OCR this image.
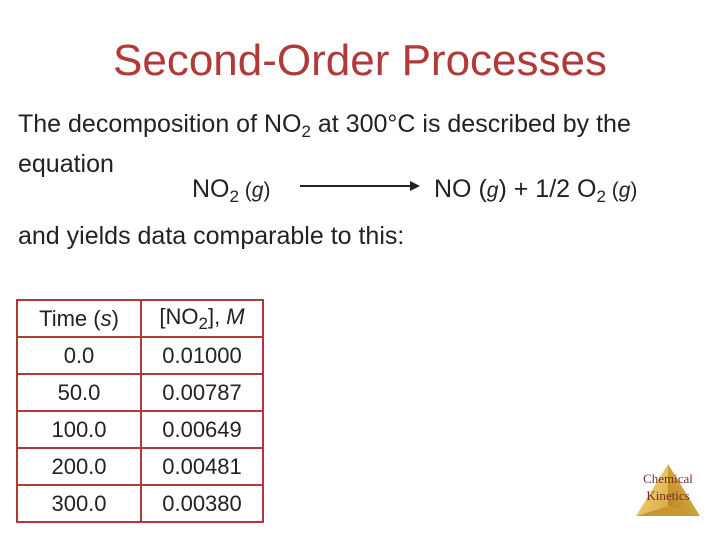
Second-Order Processes
The decomposition of $NO_2$ at 300°C is described by the equation
$NO_2$ (g)	NO (g) + 1/2 $O_2$ (g)
and yields data comparable to this:
Time (s)	$[NO_2]$, M
0.0	0.01000
50.0	0.00787
100.0	0.00649
200.0	0.00481
300.0	0.00380
Chemical
Kinetics
